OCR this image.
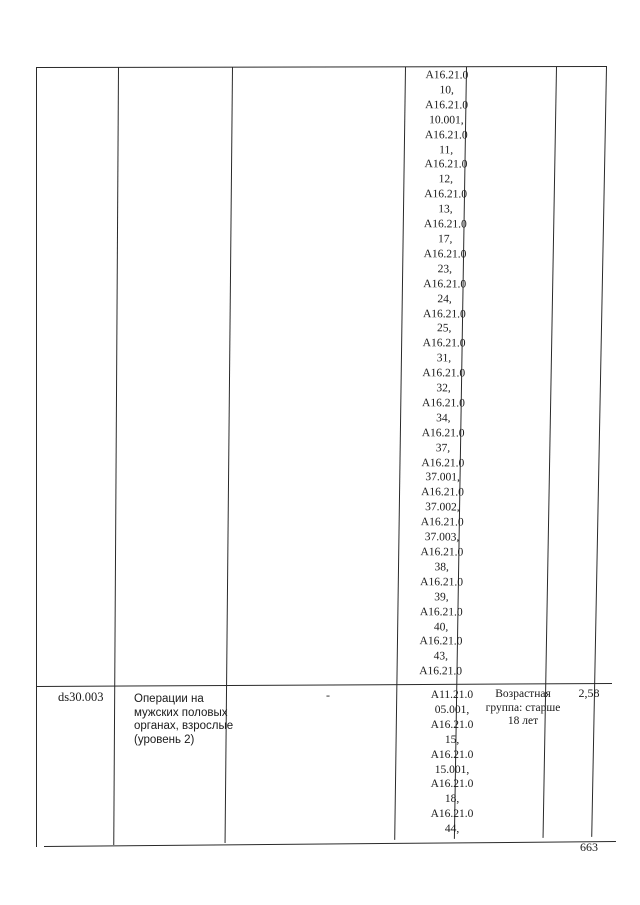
A16.21.0
10,
A16.21.0
10.001,
A16.21.0
11,
A16.21.0
12,
A16.21.0
13,
A16.21.0
17,
A16.21.0
23,
A16.21.0
24,
A16.21.0
25,
A16.21.0
31,
A16.21.0
32,
A16.21.0
34,
A16.21.0
37,
A16.21.0
37.001,
A16.21.0
37.002,
A16.21.0
37.003,
A16.21.0
38,
A16.21.0
39,
A16.21.0
40,
A16.21.0
43,
A16.21.0
ds30.003	Операции на мужских половых органах, взрослые (уровень 2)
-	A11.21.0
05.001,
A16.21.0
15,
A16.21.0
15.001,
A16.21.0
18,
A16.21.0
44,
Возрастная группа: старше 18 лет
2,58
663
